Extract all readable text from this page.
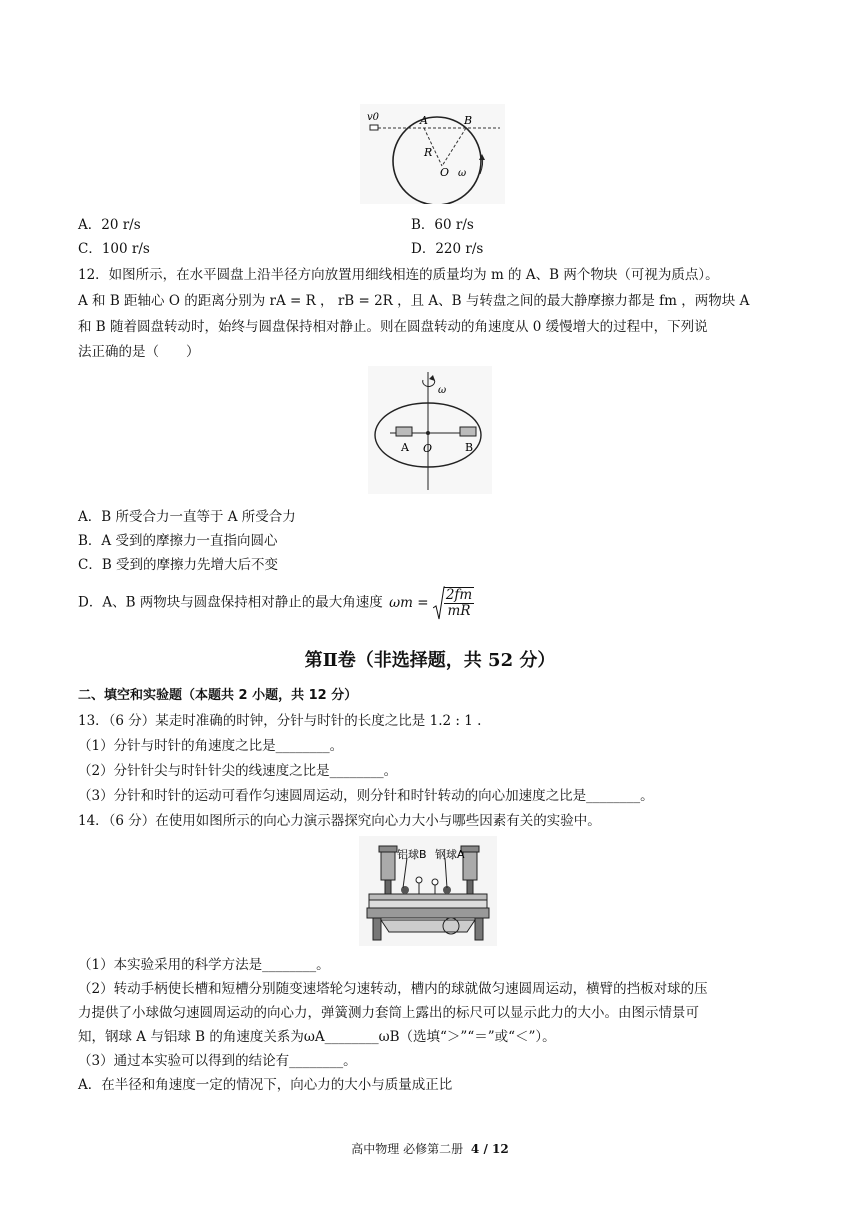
v0	A	B
R
O ω
A．20 r/s	B．60 r/s
C．100 r/s	D．220 r/s
12．如图所示，在水平圆盘上沿半径方向放置用细线相连的质量均为 m 的 A、B 两个物块（可视为质点）。
A 和 B 距轴心 O 的距离分别为 rA = R ， rB = 2R ，且 A、B 与转盘之间的最大静摩擦力都是 fm ，两物块 A
和 B 随着圆盘转动时，始终与圆盘保持相对静止。则在圆盘转动的角速度从 0 缓慢增大的过程中，下列说
法正确的是（　　）
ω
A O	B
A．B 所受合力一直等于 A 所受合力
B．A 受到的摩擦力一直指向圆心
C．B 受到的摩擦力先增大后不变
D．A、B 两物块与圆盘保持相对静止的最大角速度 $\omega m = \frac{2fm}{mR}$
第Ⅱ卷（非选择题，共 52 分）
二、填空和实验题（本题共 2 小题，共 12 分）
13．（6 分）某走时准确的时钟，分针与时针的长度之比是 1.2 : 1 .
（1）分针与时针的角速度之比是________。
（2）分针针尖与时针针尖的线速度之比是________。
（3）分针和时针的运动可看作匀速圆周运动，则分针和时针转动的向心加速度之比是________。
14．（6 分）在使用如图所示的向心力演示器探究向心力大小与哪些因素有关的实验中。
铝球B 钢球A
（1）本实验采用的科学方法是________。
（2）转动手柄使长槽和短槽分别随变速塔轮匀速转动，槽内的球就做匀速圆周运动，横臂的挡板对球的压
力提供了小球做匀速圆周运动的向心力，弹簧测力套筒上露出的标尺可以显示此力的大小。由图示情景可
知，钢球 A 与铝球 B 的角速度关系为ωA________ωB（选填“＞”“＝”或“＜”）。
（3）通过本实验可以得到的结论有________。
A．在半径和角速度一定的情况下，向心力的大小与质量成正比
高中物理 必修第二册 4 / 12
